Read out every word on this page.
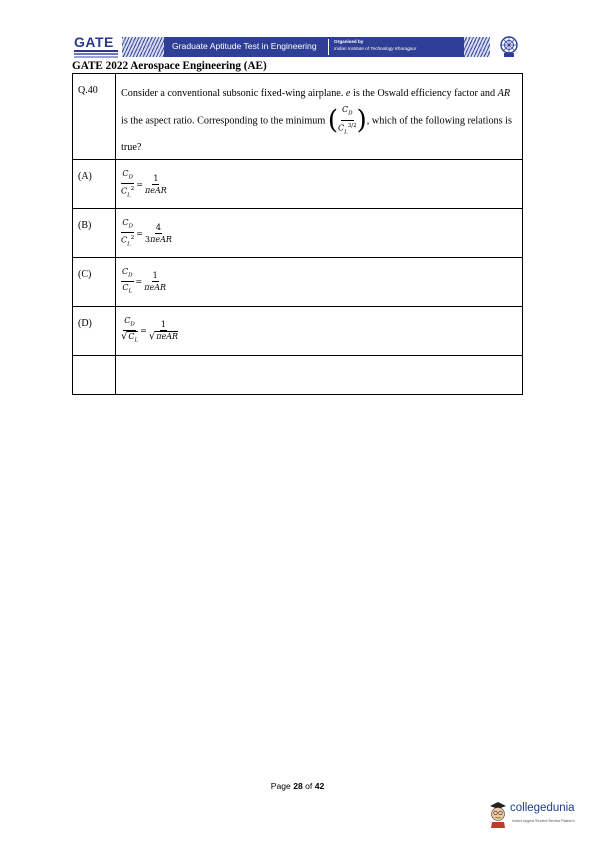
GATE	Graduate Aptitude Test in Engineering	Organised by
Indian Institute of Technology Kharagpur
GATE 2022 Aerospace Engineering (AE)
Q.40	Consider a conventional subsonic fixed-wing airplane. e is the Oswald efficiency factor and AR is the aspect ratio. Corresponding to the minimum ( $\frac{C_D}{C_L^{3/2}}$ ), which of the following relations is true?

(A)	$\frac{C_D}{C_L^2} = \frac{1}{\text{πeAR}}$

(B)	$\frac{C_D}{C_L^2} = \frac{4}{\text{3πeAR}}$

(C)	$\frac{C_D}{C_L} = \frac{1}{\text{πeAR}}$

(D)	$\frac{C_D}{√C_L} = \frac{1}{\text{√πeAR}}$

Page 28 of 42
collegedunia
India's largest Student Review Platform
